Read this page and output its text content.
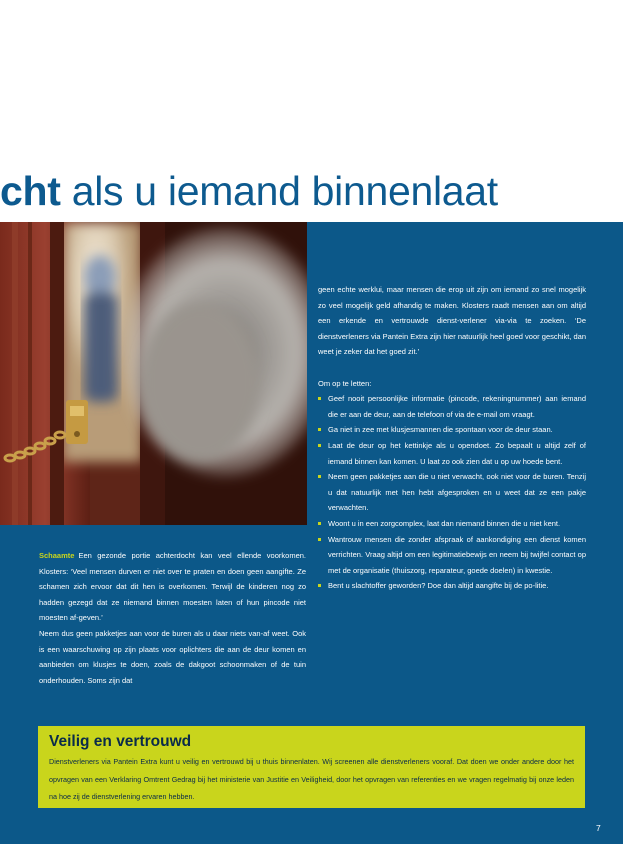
cht als u iemand binnenlaat

Schaamte Een gezonde portie achterdocht kan veel ellende voorkomen. Klosters: ‘Veel mensen durven er niet over te praten en doen geen aangifte. Ze schamen zich ervoor dat dit hen is overkomen. Terwijl de kinderen nog zo hadden gezegd dat ze niemand binnen moesten laten of hun pincode niet moesten af-geven.’

Neem dus geen pakketjes aan voor de buren als u daar niets van-af weet. Ook is een waarschuwing op zijn plaats voor oplichters die aan de deur komen en aanbieden om klusjes te doen, zoals de dakgoot schoonmaken of de tuin onderhouden. Soms zijn dat

geen echte werklui, maar mensen die erop uit zijn om iemand zo snel mogelijk zo veel mogelijk geld afhandig te maken. Klosters raadt mensen aan om altijd een erkende en vertrouwde dienst-verlener via-via te zoeken. ‘De dienstverleners via Pantein Extra zijn hier natuurlijk heel goed voor geschikt, dan weet je zeker dat het goed zit.’

Om op te letten:

Geef nooit persoonlijke informatie (pincode, rekeningnummer) aan iemand die er aan de deur, aan de telefoon of via de e-mail om vraagt.
Ga niet in zee met klusjesmannen die spontaan voor de deur staan.
Laat de deur op het kettinkje als u opendoet. Zo bepaalt u altijd zelf of iemand binnen kan komen. U laat zo ook zien dat u op uw hoede bent.
Neem geen pakketjes aan die u niet verwacht, ook niet voor de buren. Tenzij u dat natuurlijk met hen hebt afgesproken en u weet dat ze een pakje verwachten.
Woont u in een zorgcomplex, laat dan niemand binnen die u niet kent.
Wantrouw mensen die zonder afspraak of aankondiging een dienst komen verrichten. Vraag altijd om een legitimatiebewijs en neem bij twijfel contact op met de organisatie (thuiszorg, reparateur, goede doelen) in kwestie.
Bent u slachtoffer geworden? Doe dan altijd aangifte bij de po-litie.
Veilig en vertrouwd

Dienstverleners via Pantein Extra kunt u veilig en vertrouwd bij u thuis binnenlaten. Wij screenen alle dienstverleners vooraf. Dat doen we onder andere door het opvragen van een Verklaring Omtrent Gedrag bij het ministerie van Justitie en Veiligheid, door het opvragen van referenties en we vragen regelmatig bij onze leden na hoe zij de dienstverlening ervaren hebben.

7
